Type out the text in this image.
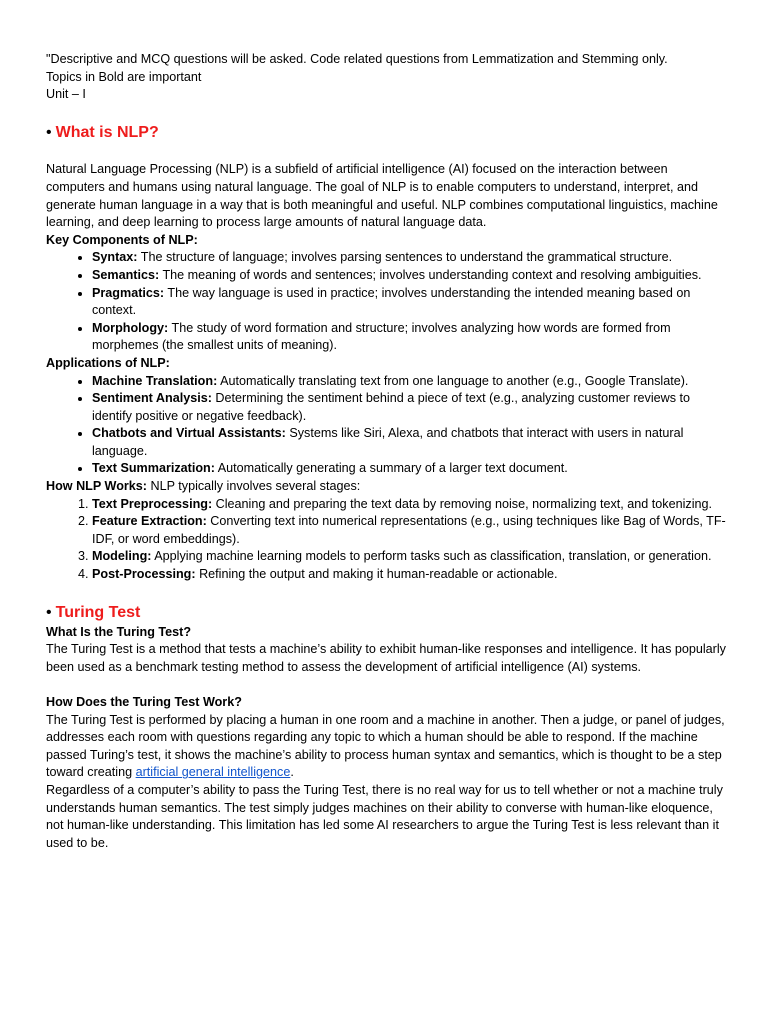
"Descriptive and MCQ questions will be asked. Code related questions from Lemmatization and Stemming only.

Topics in Bold are important

Unit – I

• What is NLP?

Natural Language Processing (NLP) is a subfield of artificial intelligence (AI) focused on the interaction between computers and humans using natural language. The goal of NLP is to enable computers to understand, interpret, and generate human language in a way that is both meaningful and useful. NLP combines computational linguistics, machine learning, and deep learning to process large amounts of natural language data.

Key Components of NLP:

• Syntax: The structure of language; involves parsing sentences to understand the grammatical structure.
• Semantics: The meaning of words and sentences; involves understanding context and resolving ambiguities.
• Pragmatics: The way language is used in practice; involves understanding the intended meaning based on context.
• Morphology: The study of word formation and structure; involves analyzing how words are formed from morphemes (the smallest units of meaning).

Applications of NLP:

• Machine Translation: Automatically translating text from one language to another (e.g., Google Translate).
• Sentiment Analysis: Determining the sentiment behind a piece of text (e.g., analyzing customer reviews to identify positive or negative feedback).
• Chatbots and Virtual Assistants: Systems like Siri, Alexa, and chatbots that interact with users in natural language.
• Text Summarization: Automatically generating a summary of a larger text document.

How NLP Works: NLP typically involves several stages:

1. Text Preprocessing: Cleaning and preparing the text data by removing noise, normalizing text, and tokenizing.
2. Feature Extraction: Converting text into numerical representations (e.g., using techniques like Bag of Words, TF-IDF, or word embeddings).
3. Modeling: Applying machine learning models to perform tasks such as classification, translation, or generation.
4. Post-Processing: Refining the output and making it human-readable or actionable.
• Turing Test

What Is the Turing Test?

The Turing Test is a method that tests a machine’s ability to exhibit human-like responses and intelligence. It has popularly been used as a benchmark testing method to assess the development of artificial intelligence (AI) systems.

How Does the Turing Test Work?

The Turing Test is performed by placing a human in one room and a machine in another. Then a judge, or panel of judges, addresses each room with questions regarding any topic to which a human should be able to respond. If the machine passed Turing’s test, it shows the machine’s ability to process human syntax and semantics, which is thought to be a step toward creating artificial general intelligence.

Regardless of a computer’s ability to pass the Turing Test, there is no real way for us to tell whether or not a machine truly understands human semantics. The test simply judges machines on their ability to converse with human-like eloquence, not human-like understanding. This limitation has led some AI researchers to argue the Turing Test is less relevant than it used to be.
